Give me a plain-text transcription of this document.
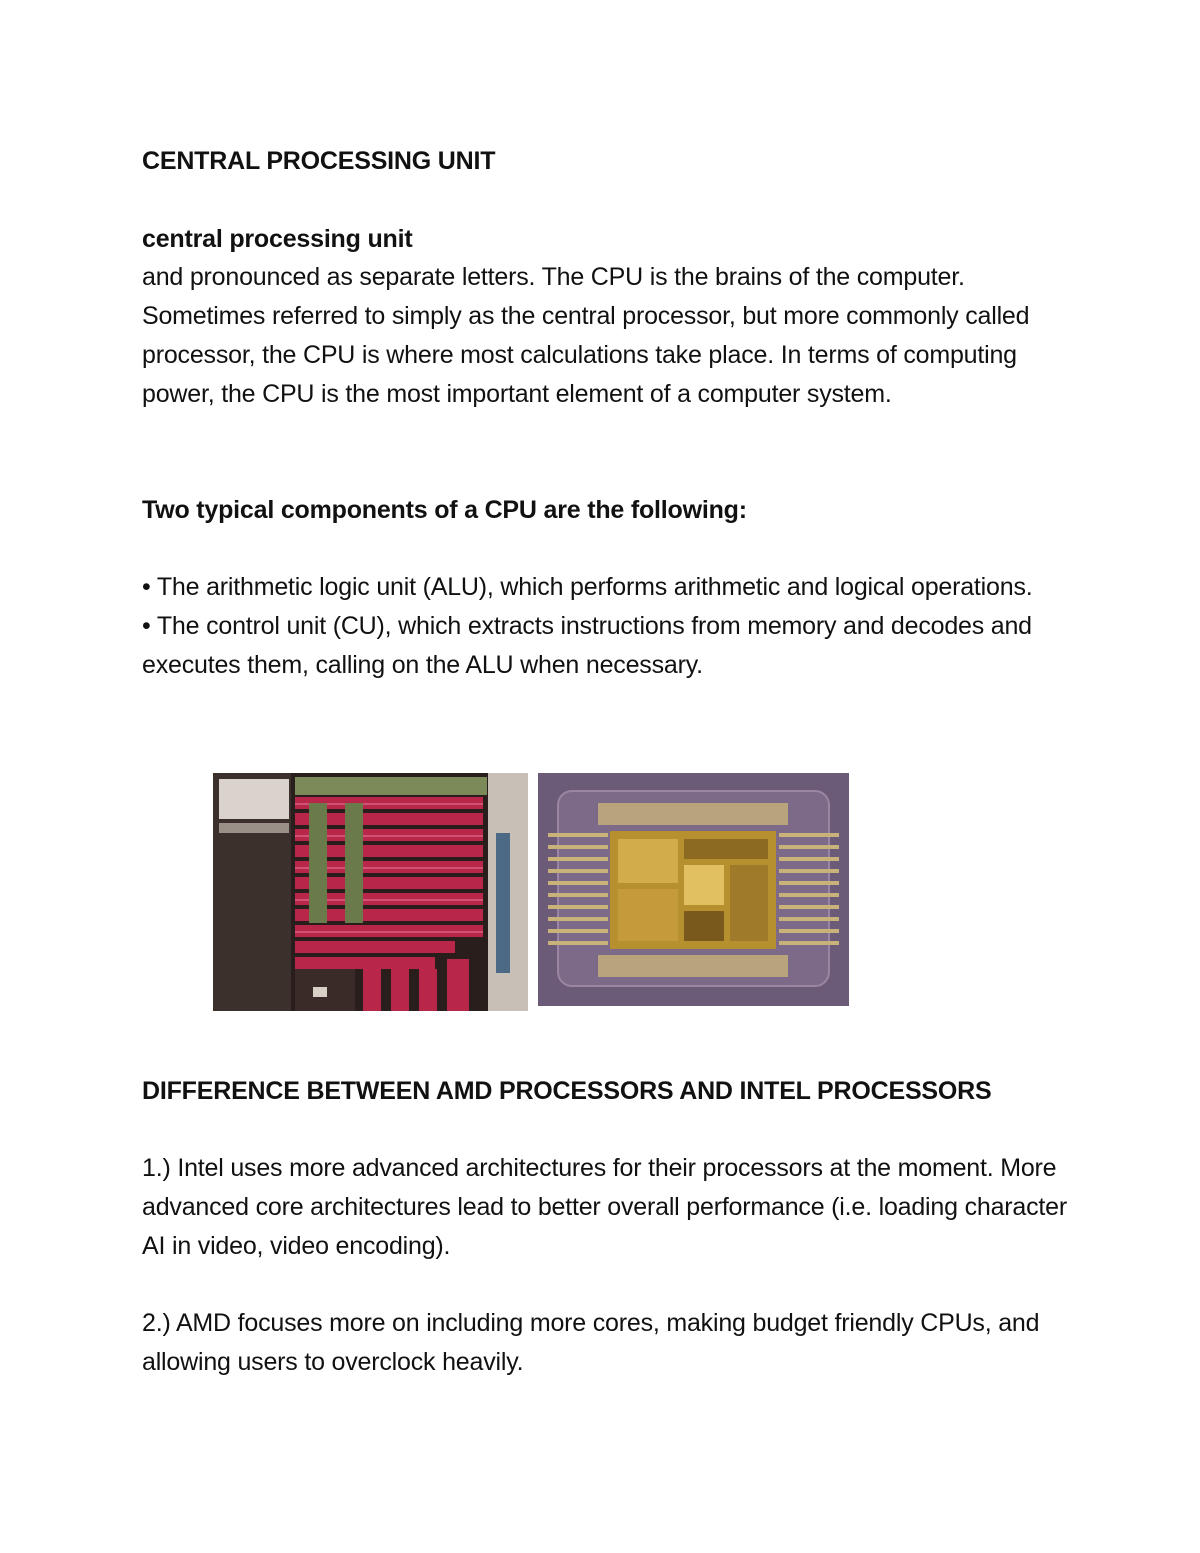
CENTRAL PROCESSING UNIT

central processing unit

and pronounced as separate letters. The CPU is the brains of the computer. Sometimes referred to simply as the central processor, but more commonly called processor, the CPU is where most calculations take place. In terms of computing power, the CPU is the most important element of a computer system.

Two typical components of a CPU are the following:

• The arithmetic logic unit (ALU), which performs arithmetic and logical operations.

• The control unit (CU), which extracts instructions from memory and decodes and executes them, calling on the ALU when necessary.

DIFFERENCE BETWEEN AMD PROCESSORS AND INTEL PROCESSORS

1.) Intel uses more advanced architectures for their processors at the moment. More advanced core architectures lead to better overall performance (i.e. loading character AI in video, video encoding).

2.) AMD focuses more on including more cores, making budget friendly CPUs, and allowing users to overclock heavily.
